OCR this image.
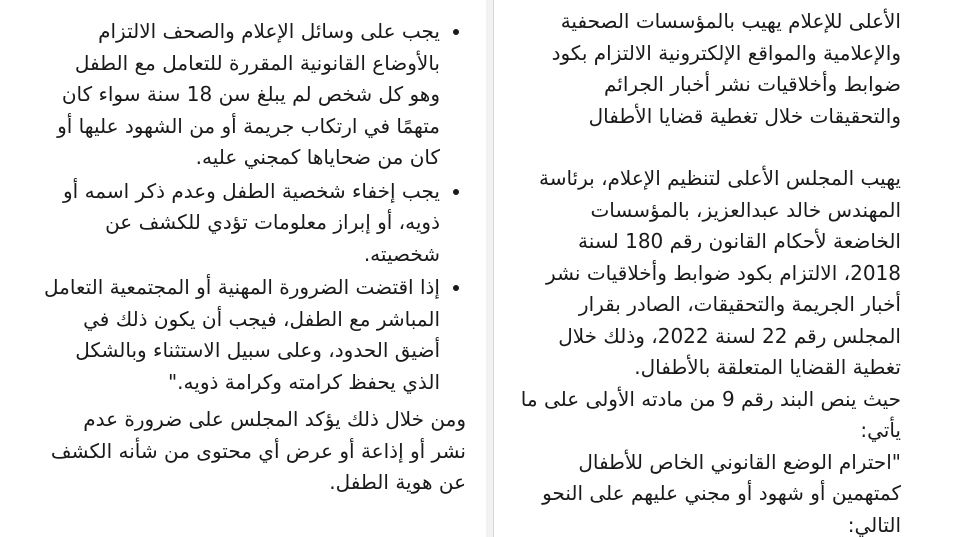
• يجب على وسائل الإعلام والصحف الالتزام بالأوضاع القانونية المقررة للتعامل مع الطفل وهو كل شخص لم يبلغ سن 18 سنة سواء كان متهمًا في ارتكاب جريمة أو من الشهود عليها أو كان من ضحاياها كمجني عليه.
• يجب إخفاء شخصية الطفل وعدم ذكر اسمه أو ذويه، أو إبراز معلومات تؤدي للكشف عن شخصيته.
• إذا اقتضت الضرورة المهنية أو المجتمعية التعامل المباشر مع الطفل، فيجب أن يكون ذلك في أضيق الحدود، وعلى سبيل الاستثناء وبالشكل الذي يحفظ كرامته وكرامة ذويه."

ومن خلال ذلك يؤكد المجلس على ضرورة عدم نشر أو إذاعة أو عرض أي محتوى من شأنه الكشف عن هوية الطفل.

الأعلى للإعلام يهيب بالمؤسسات الصحفية والإعلامية والمواقع الإلكترونية الالتزام بكود ضوابط وأخلاقيات نشر أخبار الجرائم والتحقيقات خلال تغطية قضايا الأطفال

يهيب المجلس الأعلى لتنظيم الإعلام، برئاسة المهندس خالد عبدالعزيز، بالمؤسسات الخاضعة لأحكام القانون رقم 180 لسنة 2018، الالتزام بكود ضوابط وأخلاقيات نشر أخبار الجريمة والتحقيقات، الصادر بقرار المجلس رقم 22 لسنة 2022، وذلك خلال تغطية القضايا المتعلقة بالأطفال.

حيث ينص البند رقم 9 من مادته الأولى على ما يأتي:

"احترام الوضع القانوني الخاص للأطفال كمتهمين أو شهود أو مجني عليهم على النحو التالي:
